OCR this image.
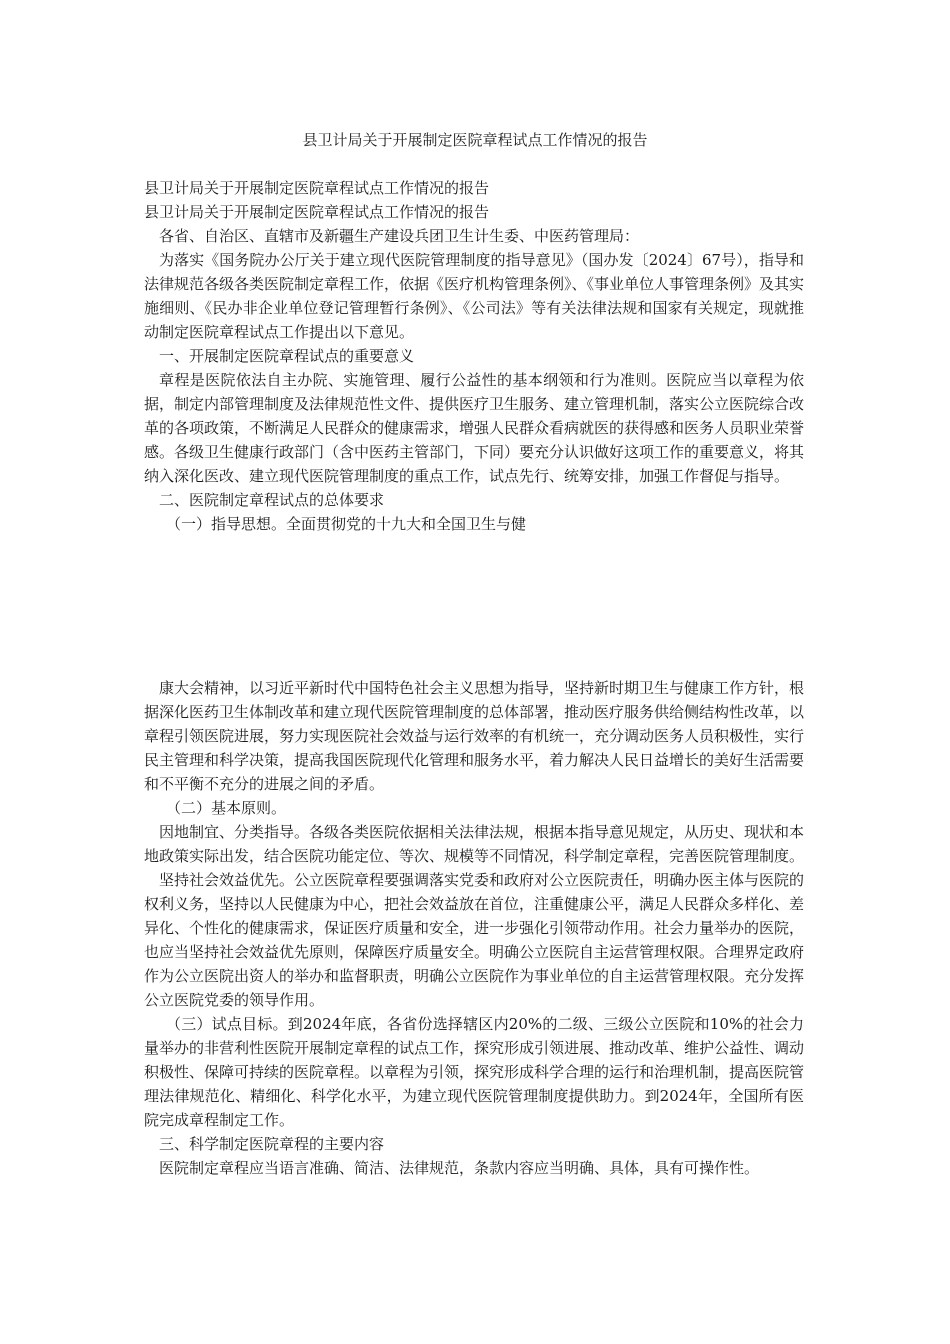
县卫计局关于开展制定医院章程试点工作情况的报告

县卫计局关于开展制定医院章程试点工作情况的报告

县卫计局关于开展制定医院章程试点工作情况的报告

各省、自治区、直辖市及新疆生产建设兵团卫生计生委、中医药管理局：

为落实《国务院办公厅关于建立现代医院管理制度的指导意见》（国办发〔2024〕67号），指导和法律规范各级各类医院制定章程工作，依据《医疗机构管理条例》、《事业单位人事管理条例》及其实施细则、《民办非企业单位登记管理暂行条例》、《公司法》等有关法律法规和国家有关规定，现就推动制定医院章程试点工作提出以下意见。

一、开展制定医院章程试点的重要意义

章程是医院依法自主办院、实施管理、履行公益性的基本纲领和行为准则。医院应当以章程为依据，制定内部管理制度及法律规范性文件、提供医疗卫生服务、建立管理机制，落实公立医院综合改革的各项政策，不断满足人民群众的健康需求，增强人民群众看病就医的获得感和医务人员职业荣誉感。各级卫生健康行政部门（含中医药主管部门，下同）要充分认识做好这项工作的重要意义，将其纳入深化医改、建立现代医院管理制度的重点工作，试点先行、统筹安排，加强工作督促与指导。

二、医院制定章程试点的总体要求

（一）指导思想。全面贯彻党的十九大和全国卫生与健

康大会精神，以习近平新时代中国特色社会主义思想为指导，坚持新时期卫生与健康工作方针，根据深化医药卫生体制改革和建立现代医院管理制度的总体部署，推动医疗服务供给侧结构性改革，以章程引领医院进展，努力实现医院社会效益与运行效率的有机统一，充分调动医务人员积极性，实行民主管理和科学决策，提高我国医院现代化管理和服务水平，着力解决人民日益增长的美好生活需要和不平衡不充分的进展之间的矛盾。

（二）基本原则。

因地制宜、分类指导。各级各类医院依据相关法律法规，根据本指导意见规定，从历史、现状和本地政策实际出发，结合医院功能定位、等次、规模等不同情况，科学制定章程，完善医院管理制度。

坚持社会效益优先。公立医院章程要强调落实党委和政府对公立医院责任，明确办医主体与医院的权利义务，坚持以人民健康为中心，把社会效益放在首位，注重健康公平，满足人民群众多样化、差异化、个性化的健康需求，保证医疗质量和安全，进一步强化引领带动作用。社会力量举办的医院，也应当坚持社会效益优先原则，保障医疗质量安全。明确公立医院自主运营管理权限。合理界定政府作为公立医院出资人的举办和监督职责，明确公立医院作为事业单位的自主运营管理权限。充分发挥公立医院党委的领导作用。

（三）试点目标。到2024年底，各省份选择辖区内20%的二级、三级公立医院和10%的社会力量举办的非营利性医院开展制定章程的试点工作，探究形成引领进展、推动改革、维护公益性、调动积极性、保障可持续的医院章程。以章程为引领，探究形成科学合理的运行和治理机制，提高医院管理法律规范化、精细化、科学化水平，为建立现代医院管理制度提供助力。到2024年，全国所有医院完成章程制定工作。

三、科学制定医院章程的主要内容

医院制定章程应当语言准确、简洁、法律规范，条款内容应当明确、具体，具有可操作性。
